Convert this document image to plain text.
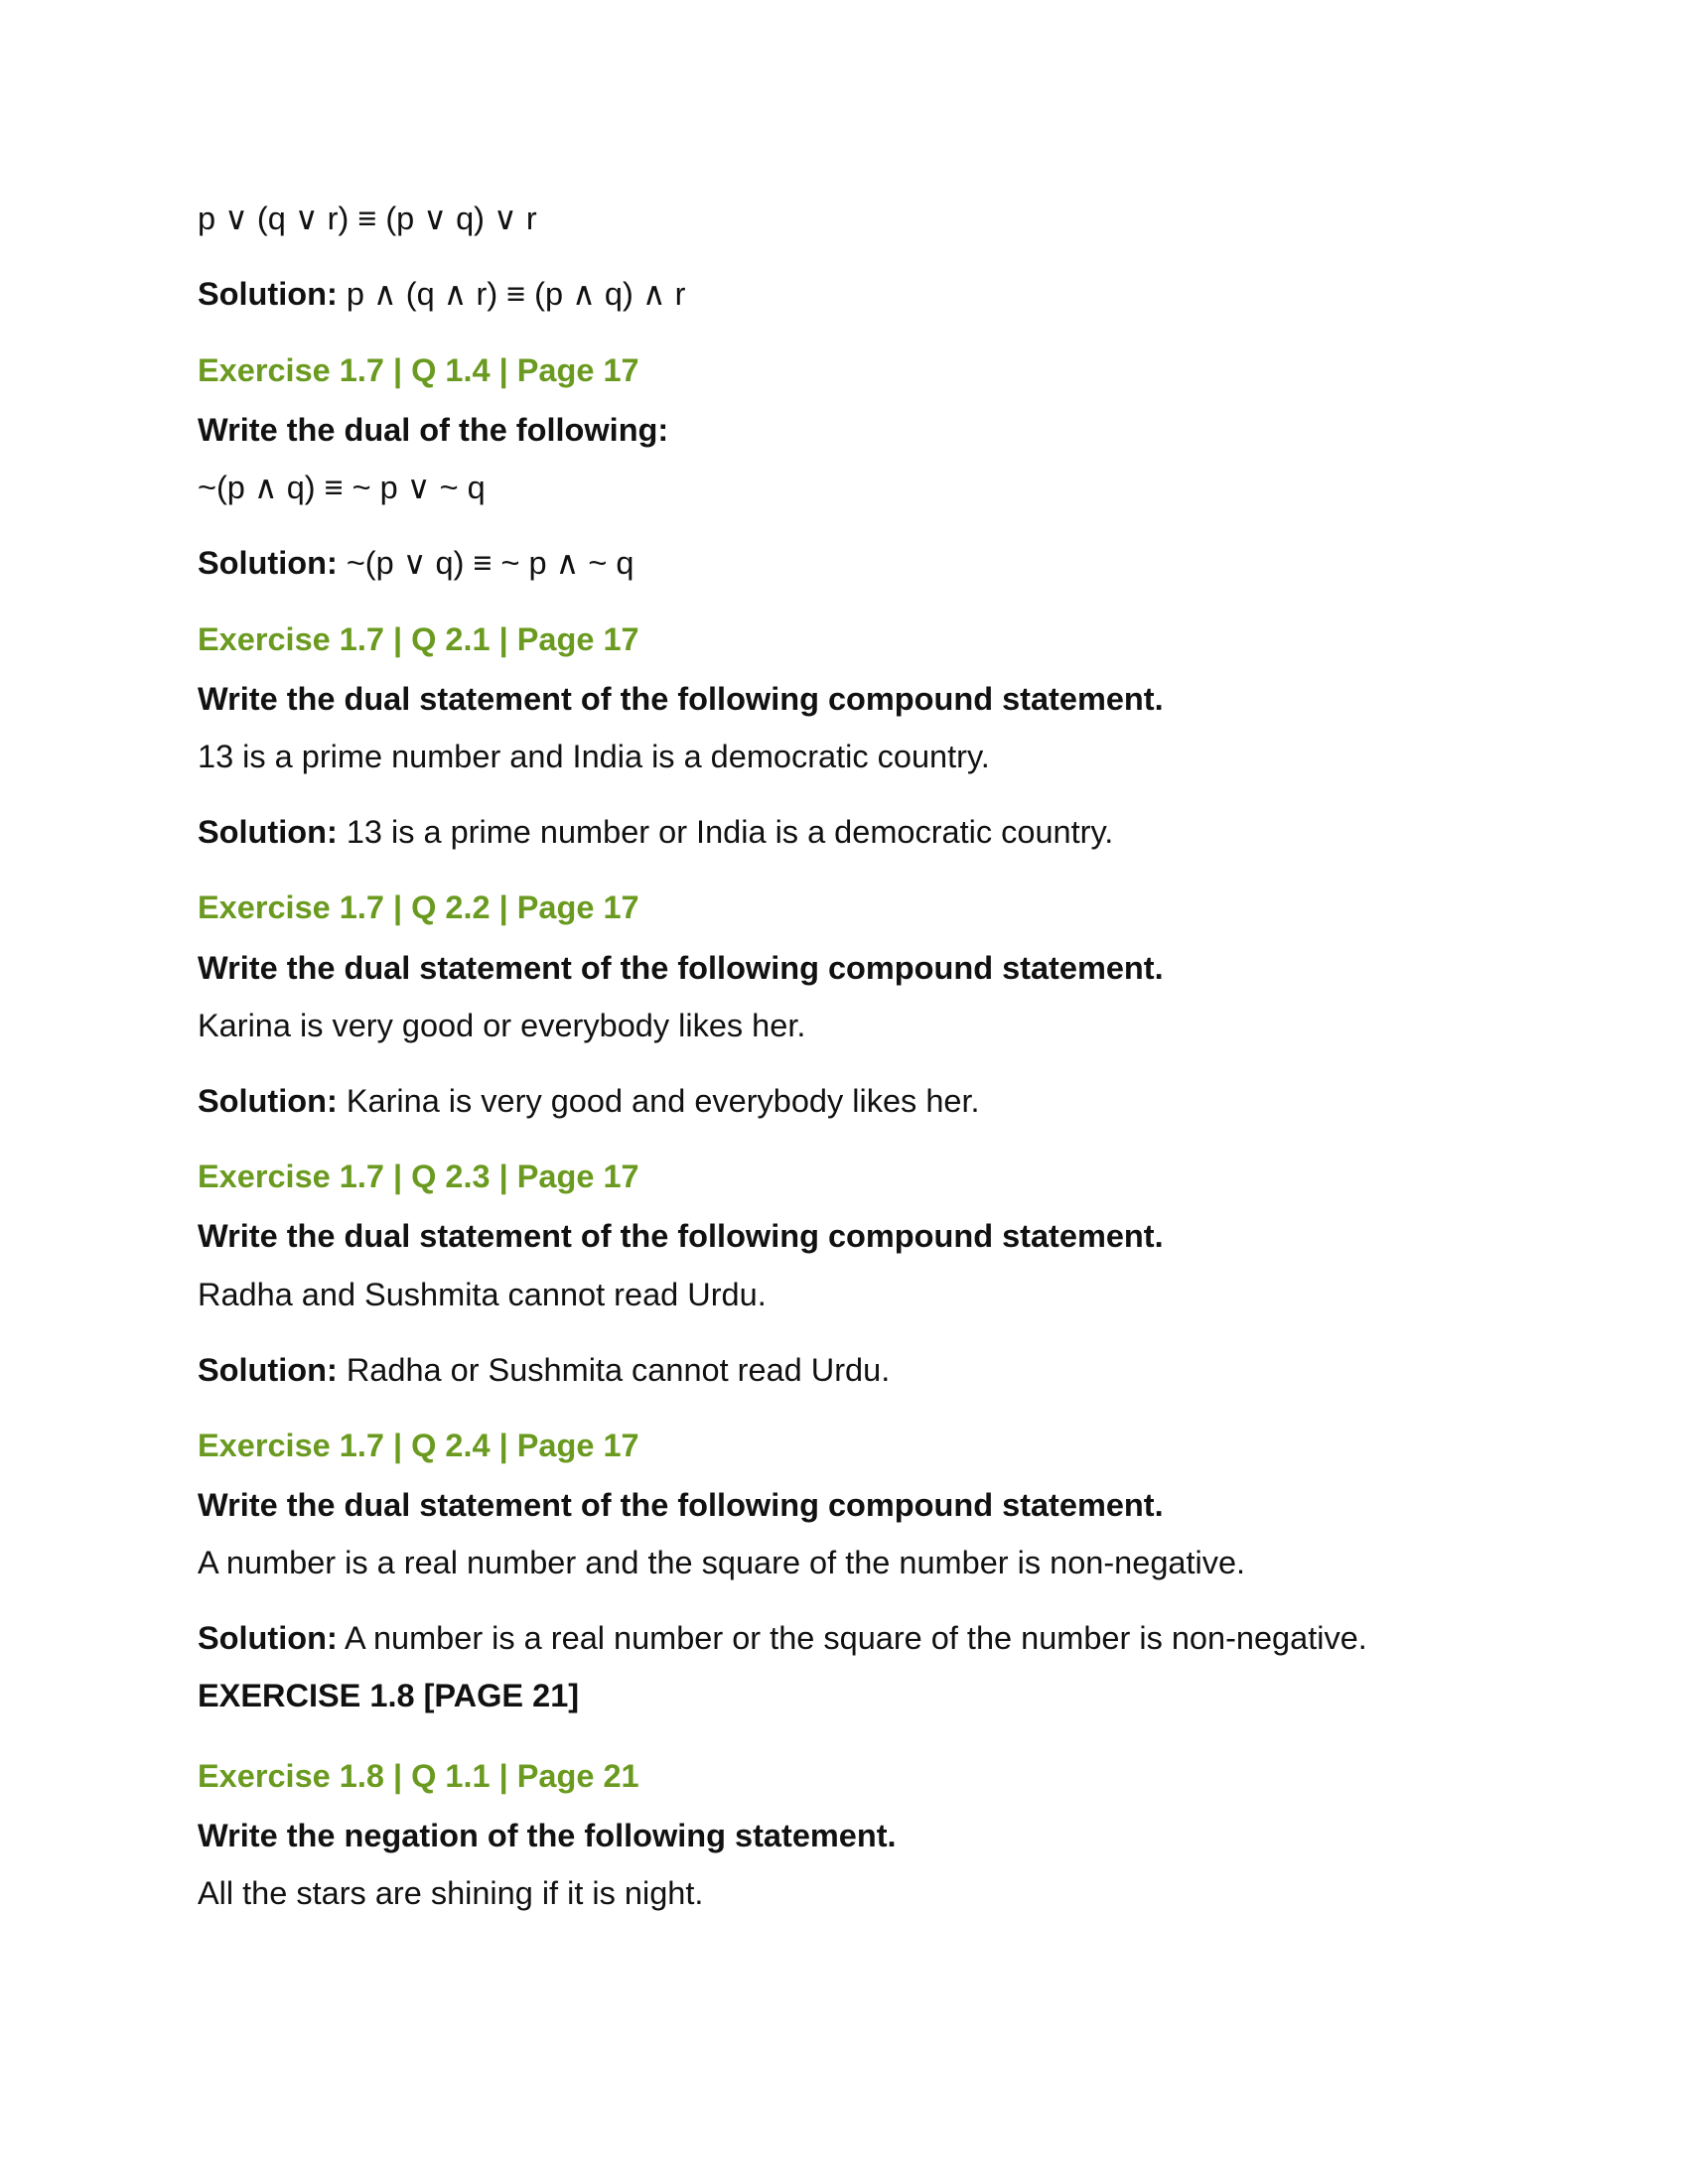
p ∨ (q ∨ r) ≡ (p ∨ q) ∨ r
Solution: p ∧ (q ∧ r) ≡ (p ∧ q) ∧ r
Exercise 1.7 | Q 1.4 | Page 17
Write the dual of the following:
~(p ∧ q) ≡ ~ p ∨ ~ q
Solution: ~(p ∨ q) ≡ ~ p ∧ ~ q
Exercise 1.7 | Q 2.1 | Page 17
Write the dual statement of the following compound statement.
13 is a prime number and India is a democratic country.
Solution: 13 is a prime number or India is a democratic country.
Exercise 1.7 | Q 2.2 | Page 17
Write the dual statement of the following compound statement.
Karina is very good or everybody likes her.
Solution: Karina is very good and everybody likes her.
Exercise 1.7 | Q 2.3 | Page 17
Write the dual statement of the following compound statement.
Radha and Sushmita cannot read Urdu.
Solution: Radha or Sushmita cannot read Urdu.
Exercise 1.7 | Q 2.4 | Page 17
Write the dual statement of the following compound statement.
A number is a real number and the square of the number is non-negative.
Solution: A number is a real number or the square of the number is non-negative.
EXERCISE 1.8 [PAGE 21]
Exercise 1.8 | Q 1.1 | Page 21
Write the negation of the following statement.
All the stars are shining if it is night.
